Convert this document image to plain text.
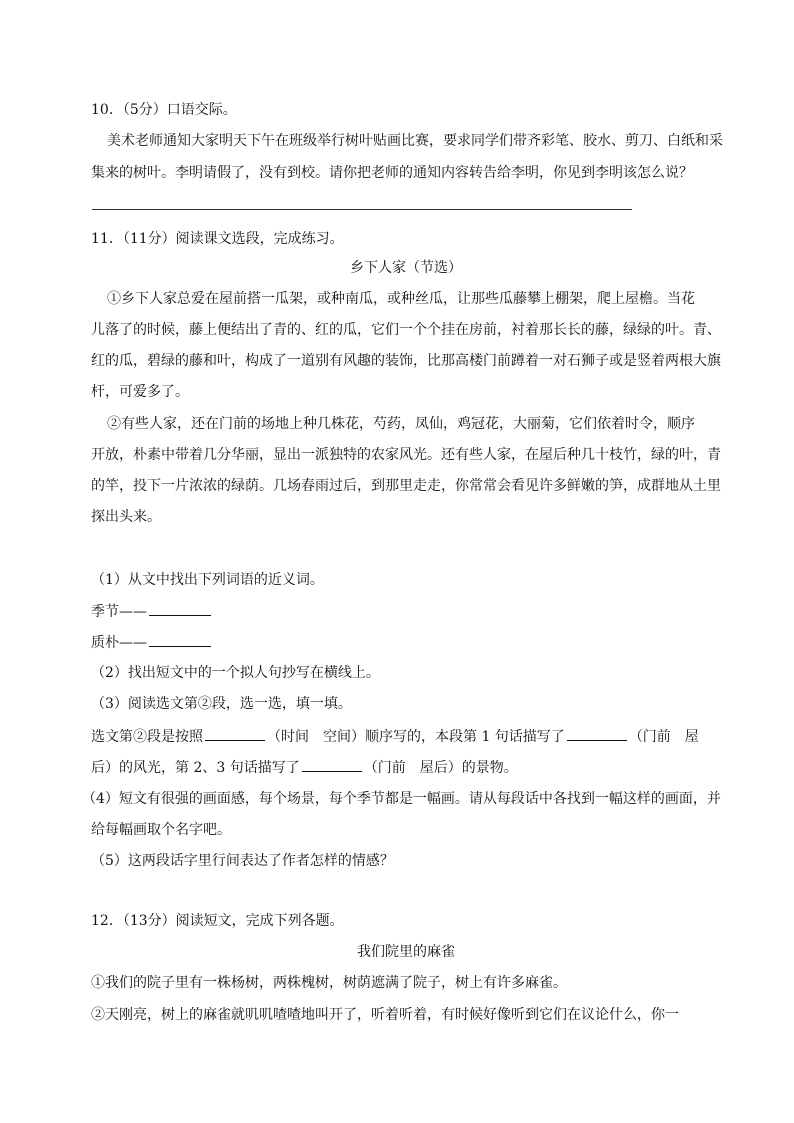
10．（5分）口语交际。
美术老师通知大家明天下午在班级举行树叶贴画比赛，要求同学们带齐彩笔、胶水、剪刀、白纸和采
集来的树叶。李明请假了，没有到校。请你把老师的通知内容转告给李明，你见到李明该怎么说？
11．（11分）阅读课文选段，完成练习。
乡下人家（节选）
①乡下人家总爱在屋前搭一瓜架，或种南瓜，或种丝瓜，让那些瓜藤攀上棚架，爬上屋檐。当花
儿落了的时候，藤上便结出了青的、红的瓜，它们一个个挂在房前，衬着那长长的藤，绿绿的叶。青、
红的瓜，碧绿的藤和叶，构成了一道别有风趣的装饰，比那高楼门前蹲着一对石狮子或是竖着两根大旗
杆，可爱多了。
②有些人家，还在门前的场地上种几株花，芍药，凤仙，鸡冠花，大丽菊，它们依着时令，顺序
开放，朴素中带着几分华丽，显出一派独特的农家风光。还有些人家，在屋后种几十枝竹，绿的叶，青
的竿，投下一片浓浓的绿荫。几场春雨过后，到那里走走，你常常会看见许多鲜嫩的笋，成群地从土里
探出头来。
（1）从文中找出下列词语的近义词。
季节——
质朴——
（2）找出短文中的一个拟人句抄写在横线上。
（3）阅读选文第②段，选一选，填一填。
选文第②段是按照	（时间　空间）顺序写的，本段第 1 句话描写了	（门前　屋
后）的风光，第 2、3 句话描写了	（门前　屋后）的景物。
（4）短文有很强的画面感，每个场景，每个季节都是一幅画。请从每段话中各找到一幅这样的画面，并
给每幅画取个名字吧。
（5）这两段话字里行间表达了作者怎样的情感？
12．（13分）阅读短文，完成下列各题。
我们院里的麻雀
①我们的院子里有一株杨树，两株槐树，树荫遮满了院子，树上有许多麻雀。
②天刚亮，树上的麻雀就叽叽喳喳地叫开了，听着听着，有时候好像听到它们在议论什么，你一
